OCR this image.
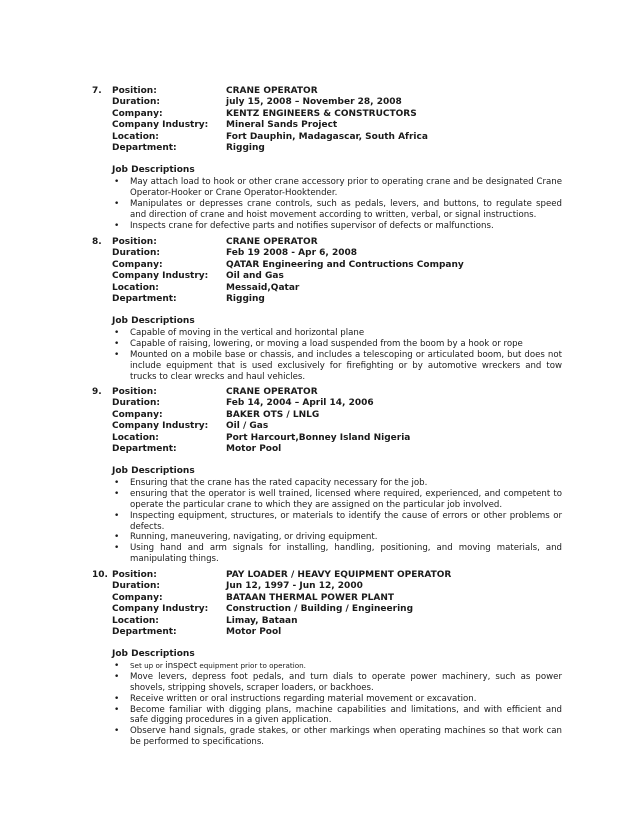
7.	Position:	CRANE OPERATOR
Duration:	july 15, 2008 – November 28, 2008
Company:	KENTZ ENGINEERS & CONSTRUCTORS
Company Industry: Mineral Sands Project
Location:	Fort Dauphin, Madagascar, South Africa
Department:	Rigging
Job Descriptions
• May attach load to hook or other crane accessory prior to operating crane and be designated Crane Operator-Hooker or Crane Operator-Hooktender.
• Manipulates or depresses crane controls, such as pedals, levers, and buttons, to regulate speed and direction of crane and hoist movement according to written, verbal, or signal instructions.
• Inspects crane for defective parts and notifies supervisor of defects or malfunctions.
8.	Position:	CRANE OPERATOR
Duration:	Feb 19 2008 - Apr 6, 2008
Company:	QATAR Engineering and Contructions Company
Company Industry: Oil and Gas
Location:	Messaid,Qatar
Department:	Rigging
Job Descriptions
• Capable of moving in the vertical and horizontal plane
• Capable of raising, lowering, or moving a load suspended from the boom by a hook or rope
• Mounted on a mobile base or chassis, and includes a telescoping or articulated boom, but does not include equipment that is used exclusively for firefighting or by automotive wreckers and tow trucks to clear wrecks and haul vehicles.
9.	Position:	CRANE OPERATOR
Duration:	Feb 14, 2004 – April 14, 2006
Company:	BAKER OTS / LNLG
Company Industry: Oil / Gas
Location:	Port Harcourt,Bonney Island Nigeria
Department:	Motor Pool
Job Descriptions
• Ensuring that the crane has the rated capacity necessary for the job.
• ensuring that the operator is well trained, licensed where required, experienced, and competent to operate the particular crane to which they are assigned on the particular job involved.
• Inspecting equipment, structures, or materials to identify the cause of errors or other problems or defects.
• Running, maneuvering, navigating, or driving equipment.
• Using hand and arm signals for installing, handling, positioning, and moving materials, and manipulating things.
10. Position:	PAY LOADER / HEAVY EQUIPMENT OPERATOR
Duration:	Jun 12, 1997 - Jun 12, 2000
Company:	BATAAN THERMAL POWER PLANT
Company Industry: Construction / Building / Engineering
Location:	Limay, Bataan
Department:	Motor Pool
Job Descriptions
• Set up or inspect equipment prior to operation.
• Move levers, depress foot pedals, and turn dials to operate power machinery, such as power shovels, stripping shovels, scraper loaders, or backhoes.
• Receive written or oral instructions regarding material movement or excavation.
• Become familiar with digging plans, machine capabilities and limitations, and with efficient and safe digging procedures in a given application.
• Observe hand signals, grade stakes, or other markings when operating machines so that work can be performed to specifications.
